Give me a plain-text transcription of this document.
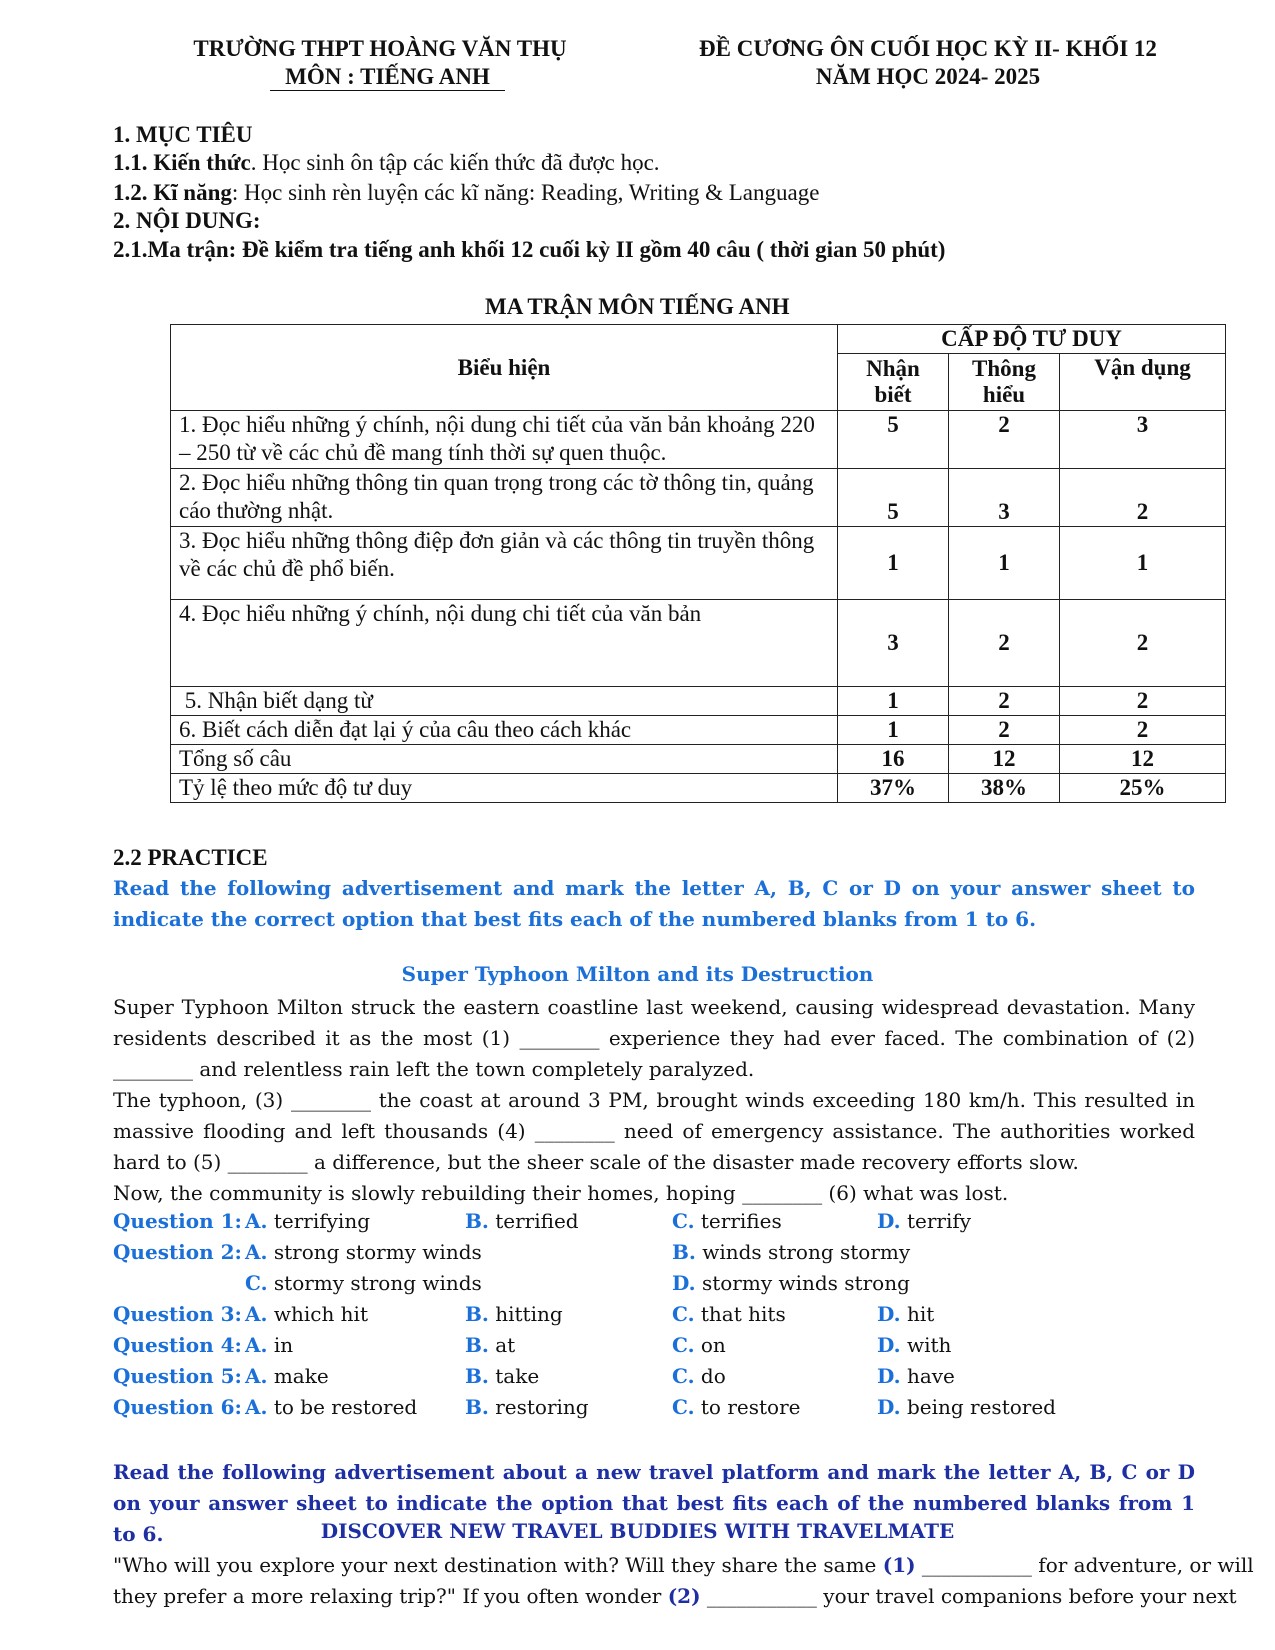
TRƯỜNG THPT HOÀNG VĂN THỤ
MÔN : TIẾNG ANH
ĐỀ CƯƠNG ÔN CUỐI HỌC KỲ II- KHỐI 12
NĂM HỌC 2024- 2025
1. MỤC TIÊU
1.1. Kiến thức. Học sinh ôn tập các kiến thức đã được học.
1.2. Kĩ năng: Học sinh rèn luyện các kĩ năng: Reading, Writing & Language
2. NỘI DUNG:
2.1.Ma trận: Đề kiểm tra tiếng anh khối 12 cuối kỳ II gồm 40 câu ( thời gian 50 phút)
MA TRẬN MÔN TIẾNG ANH
Biểu hiện	CẤP ĐỘ TƯ DUY		
	Nhận biết	Thông hiểu	Vận dụng
1. Đọc hiểu những ý chính, nội dung chi tiết của văn bản khoảng 220 – 250 từ về các chủ đề mang tính thời sự quen thuộc.	5	2	3
2. Đọc hiểu những thông tin quan trọng trong các tờ thông tin, quảng cáo thường nhật.	5	3	2
3. Đọc hiểu những thông điệp đơn giản và các thông tin truyền thông về các chủ đề phổ biến.	1	1	1
4. Đọc hiểu những ý chính, nội dung chi tiết của văn bản	3	2	2
5. Nhận biết dạng từ	1	2	2
6. Biết cách diễn đạt lại ý của câu theo cách khác	1	2	2
Tổng số câu	16	12	12
Tỷ lệ theo mức độ tư duy	37%	38%	25%
2.2 PRACTICE
Read the following advertisement and mark the letter A, B, C or D on your answer sheet to indicate the correct option that best fits each of the numbered blanks from 1 to 6.
Super Typhoon Milton and its Destruction
Super Typhoon Milton struck the eastern coastline last weekend, causing widespread devastation. Many residents described it as the most (1) ________ experience they had ever faced. The combination of (2) ________ and relentless rain left the town completely paralyzed.
The typhoon, (3) ________ the coast at around 3 PM, brought winds exceeding 180 km/h. This resulted in massive flooding and left thousands (4) ________ need of emergency assistance. The authorities worked hard to (5) ________ a difference, but the sheer scale of the disaster made recovery efforts slow.
Now, the community is slowly rebuilding their homes, hoping ________ (6) what was lost.
Question 1: A. terrifying	B. terrified	C. terrifies	D. terrify
Question 2: A. strong stormy winds	B. winds strong stormy
C. stormy strong winds	D. stormy winds strong
Question 3: A. which hit	B. hitting	C. that hits	D. hit
Question 4: A. in	B. at	C. on	D. with
Question 5: A. make	B. take	C. do	D. have
Question 6: A. to be restored B. restoring	C. to restore	D. being restored
Read the following advertisement about a new travel platform and mark the letter A, B, C or D on your answer sheet to indicate the option that best fits each of the numbered blanks from 1 to 6.	DISCOVER NEW TRAVEL BUDDIES WITH TRAVELMATE
"Who will you explore your next destination with? Will they share the same (1) ___________ for adventure, or will
they prefer a more relaxing trip?" If you often wonder (2) ___________ your travel companions before your next
